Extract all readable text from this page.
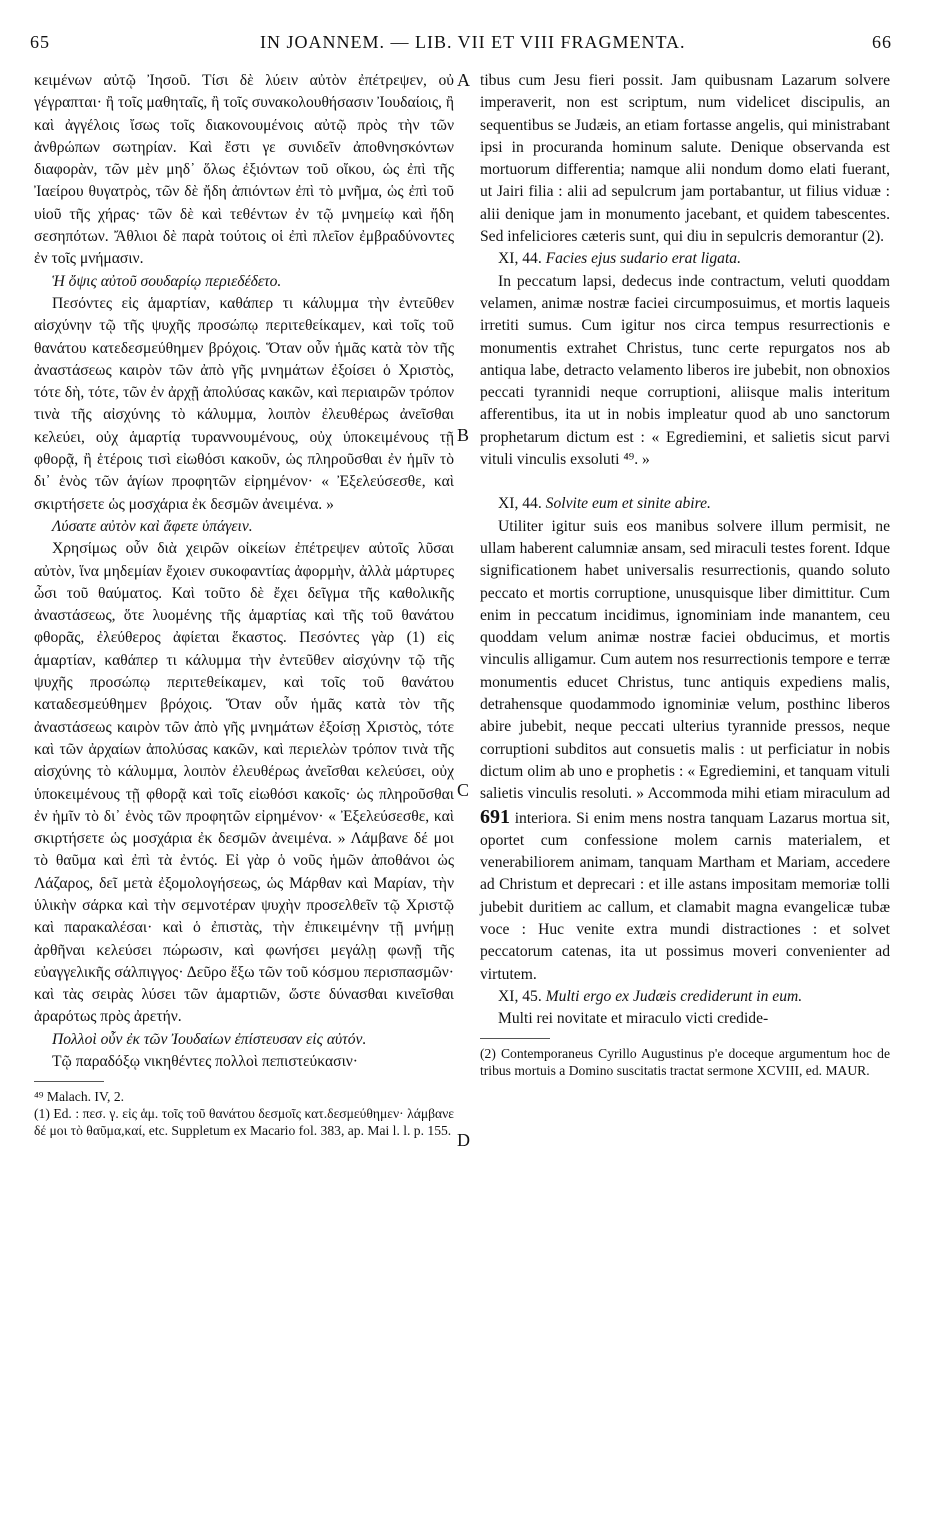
65	IN JOANNEM. — LIB. VII ET VIII FRAGMENTA.	66
A
B
C
D

κειμένων αὐτῷ Ἰησοῦ. Τίσι δὲ λύειν αὐτὸν ἐπέτρεψεν, οὐ γέγραπται· ἢ τοῖς μαθηταῖς, ἢ τοῖς συνακολουθήσασιν Ἰουδαίοις, ἢ καὶ ἀγγέλοις ἴσως τοῖς διακονουμένοις αὐτῷ πρὸς τὴν τῶν ἀνθρώπων σωτηρίαν. Καὶ ἔστι γε συνιδεῖν ἀποθνησκόντων διαφορὰν, τῶν μὲν μηδ᾽ ὅλως ἐξιόντων τοῦ οἴκου, ὡς ἐπὶ τῆς Ἰαείρου θυγατρὸς, τῶν δὲ ἤδη ἀπιόντων ἐπὶ τὸ μνῆμα, ὡς ἐπὶ τοῦ υἱοῦ τῆς χήρας· τῶν δὲ καὶ τεθέντων ἐν τῷ μνημείῳ καὶ ἤδη σεσηπότων. Ἄθλιοι δὲ παρὰ τούτοις οἱ ἐπὶ πλεῖον ἐμβραδύνοντες ἐν τοῖς μνήμασιν.

Ἡ ὄψις αὐτοῦ σουδαρίῳ περιεδέδετο.

Πεσόντες εἰς ἁμαρτίαν, καθάπερ τι κάλυμμα τὴν ἐντεῦθεν αἰσχύνην τῷ τῆς ψυχῆς προσώπῳ περιτεθείκαμεν, καὶ τοῖς τοῦ θανάτου κατεδεσμεύθημεν βρόχοις. Ὅταν οὖν ἡμᾶς κατὰ τὸν τῆς ἀναστάσεως καιρὸν τῶν ἀπὸ γῆς μνημάτων ἐξοίσει ὁ Χριστὸς, τότε δὴ, τότε, τῶν ἐν ἀρχῇ ἀπολύσας κακῶν, καὶ περιαιρῶν τρόπον τινὰ τῆς αἰσχύνης τὸ κάλυμμα, λοιπὸν ἐλευθέρως ἀνεῖσθαι κελεύει, οὐχ ἁμαρτίᾳ τυραννουμένους, οὐχ ὑποκειμένους τῇ φθορᾷ, ἢ ἑτέροις τισὶ εἰωθόσι κακοῦν, ὡς πληροῦσθαι ἐν ἡμῖν τὸ δι᾽ ἑνὸς τῶν ἁγίων προφητῶν εἰρημένον· « Ἐξελεύσεσθε, καὶ σκιρτήσετε ὡς μοσχάρια ἐκ δεσμῶν ἀνειμένα. »

Λύσατε αὐτὸν καὶ ἄφετε ὑπάγειν.

Χρησίμως οὖν διὰ χειρῶν οἰκείων ἐπέτρεψεν αὐτοῖς λῦσαι αὐτὸν, ἵνα μηδεμίαν ἔχοιεν συκοφαντίας ἀφορμὴν, ἀλλὰ μάρτυρες ὦσι τοῦ θαύματος. Καὶ τοῦτο δὲ ἔχει δεῖγμα τῆς καθολικῆς ἀναστάσεως, ὅτε λυομένης τῆς ἁμαρτίας καὶ τῆς τοῦ θανάτου φθορᾶς, ἐλεύθερος ἀφίεται ἕκαστος. Πεσόντες γὰρ (1) εἰς ἁμαρτίαν, καθάπερ τι κάλυμμα τὴν ἐντεῦθεν αἰσχύνην τῷ τῆς ψυχῆς προσώπῳ περιτεθείκαμεν, καὶ τοῖς τοῦ θανάτου καταδεσμεύθημεν βρόχοις. Ὅταν οὖν ἡμᾶς κατὰ τὸν τῆς ἀναστάσεως καιρὸν τῶν ἀπὸ γῆς μνημάτων ἐξοίσῃ Χριστὸς, τότε καὶ τῶν ἀρχαίων ἀπολύσας κακῶν, καὶ περιελὼν τρόπον τινὰ τῆς αἰσχύνης τὸ κάλυμμα, λοιπὸν ἐλευθέρως ἀνεῖσθαι κελεύσει, οὐχ ὑποκειμένους τῇ φθορᾷ καὶ τοῖς εἰωθόσι κακοῖς· ὡς πληροῦσθαι ἐν ἡμῖν τὸ δι᾽ ἑνὸς τῶν προφητῶν εἰρημένον· « Ἐξελεύσεσθε, καὶ σκιρτήσετε ὡς μοσχάρια ἐκ δεσμῶν ἀνειμένα. » Λάμβανε δέ μοι τὸ θαῦμα καὶ ἐπὶ τὰ ἐντός. Εἰ γὰρ ὁ νοῦς ἡμῶν ἀποθάνοι ὡς Λάζαρος, δεῖ μετὰ ἐξομολογήσεως, ὡς Μάρθαν καὶ Μαρίαν, τὴν ὑλικὴν σάρκα καὶ τὴν σεμνοτέραν ψυχὴν προσελθεῖν τῷ Χριστῷ καὶ παρακαλέσαι· καὶ ὁ ἐπιστὰς, τὴν ἐπικειμένην τῇ μνήμῃ ἀρθῆναι κελεύσει πώρωσιν, καὶ φωνήσει μεγάλῃ φωνῇ τῆς εὐαγγελικῆς σάλπιγγος· Δεῦρο ἔξω τῶν τοῦ κόσμου περισπασμῶν· καὶ τὰς σειρὰς λύσει τῶν ἁμαρτιῶν, ὥστε δύνασθαι κινεῖσθαι ἀραρότως πρὸς ἀρετήν.

Πολλοὶ οὖν ἐκ τῶν Ἰουδαίων ἐπίστευσαν εἰς αὐτόν.

Τῷ παραδόξῳ νικηθέντες πολλοὶ πεπιστεύκασιν·

⁴⁹ Malach. IV, 2.

(1) Ed. : πεσ. γ. εἰς ἁμ. τοῖς τοῦ θανάτου δεσμοῖς κατ.δεσμεύθημεν· λάμβανε δέ μοι τὸ θαῦμα,καί, etc. Suppletum ex Macario fol. 383, ap. Mai l. l. p. 155.

tibus cum Jesu fieri possit. Jam quibusnam Lazarum solvere imperaverit, non est scriptum, num videlicet discipulis, an sequentibus se Judæis, an etiam fortasse angelis, qui ministrabant ipsi in procuranda hominum salute. Denique observanda est mortuorum differentia; namque alii nondum domo elati fuerant, ut Jairi filia : alii ad sepulcrum jam portabantur, ut filius viduæ : alii denique jam in monumento jacebant, et quidem tabescentes. Sed infeliciores cæteris sunt, qui diu in sepulcris demorantur (2).

XI, 44. Facies ejus sudario erat ligata.

In peccatum lapsi, dedecus inde contractum, veluti quoddam velamen, animæ nostræ faciei circumposuimus, et mortis laqueis irretiti sumus. Cum igitur nos circa tempus resurrectionis e monumentis extrahet Christus, tunc certe repurgatos nos ab antiqua labe, detracto velamento liberos ire jubebit, non obnoxios peccati tyrannidi neque corruptioni, aliisque malis interitum afferentibus, ita ut in nobis impleatur quod ab uno sanctorum prophetarum dictum est : « Egrediemini, et salietis sicut parvi vituli vinculis exsoluti ⁴⁹. »

XI, 44. Solvite eum et sinite abire.

Utiliter igitur suis eos manibus solvere illum permisit, ne ullam haberent calumniæ ansam, sed miraculi testes forent. Idque significationem habet universalis resurrectionis, quando soluto peccato et mortis corruptione, unusquisque liber dimittitur. Cum enim in peccatum incidimus, ignominiam inde manantem, ceu quoddam velum animæ nostræ faciei obducimus, et mortis vinculis alligamur. Cum autem nos resurrectionis tempore e terræ monumentis educet Christus, tunc antiquis expediens malis, detrahensque quodammodo ignominiæ velum, posthinc liberos abire jubebit, neque peccati ulterius tyrannide pressos, neque corruptioni subditos aut consuetis malis : ut perficiatur in nobis dictum olim ab uno e prophetis : « Egrediemini, et tanquam vituli salietis vinculis resoluti. » Accommoda mihi etiam miraculum ad 691 interiora. Si enim mens nostra tanquam Lazarus mortua sit, oportet cum confessione molem carnis materialem, et venerabiliorem animam, tanquam Martham et Mariam, accedere ad Christum et deprecari : et ille astans impositam memoriæ tolli jubebit duritiem ac callum, et clamabit magna evangelicæ tubæ voce : Huc venite extra mundi distractiones : et solvet peccatorum catenas, ita ut possimus moveri convenienter ad virtutem.

XI, 45. Multi ergo ex Judæis crediderunt in eum.

Multi rei novitate et miraculo victi credide-

(2) Contemporaneus Cyrillo Augustinus p'e doceque argumentum hoc de tribus mortuis a Domino suscitatis tractat sermone XCVIII, ed. MAUR.
